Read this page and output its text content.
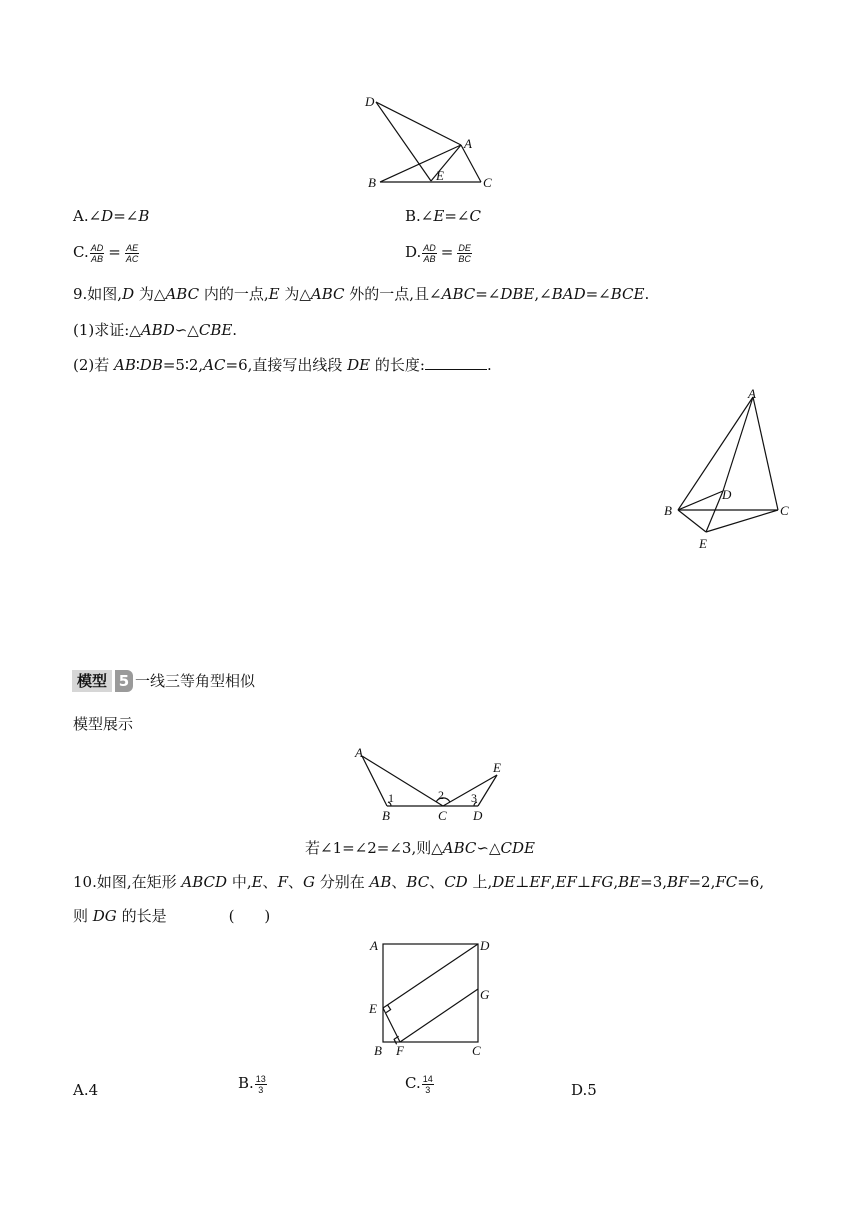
D
A
E
B	C
A.∠D=∠B	B.∠E=∠C
C. $\frac{AD}{AB} = \frac{AE}{AC}$	D. $\frac{AD}{AB} = \frac{DE}{BC}$
9.如图,D 为△ABC 内的一点,E 为△ABC 外的一点,且∠ABC=∠DBE,∠BAD=∠BCE.
(1)求证:△ABD∽△CBE.
(2)若 AB∶DB=5∶2,AC=6,直接写出线段 DE 的长度:	.
A
B	C
D
E
模型 5 一线三等角型相似
模型展示
A
B	C D
E
1	2 3
若∠1=∠2=∠3,则△ABC∽△CDE
10.如图,在矩形 ABCD 中,E、F、G 分别在 AB、BC、CD 上,DE⊥EF,EF⊥FG,BE=3,BF=2,FC=6,
则 DG 的长是	(　　)
A	D
E
G
B F	C
A.4	B. $\frac{13}{3}$	C. $\frac{14}{3}$	D.5
